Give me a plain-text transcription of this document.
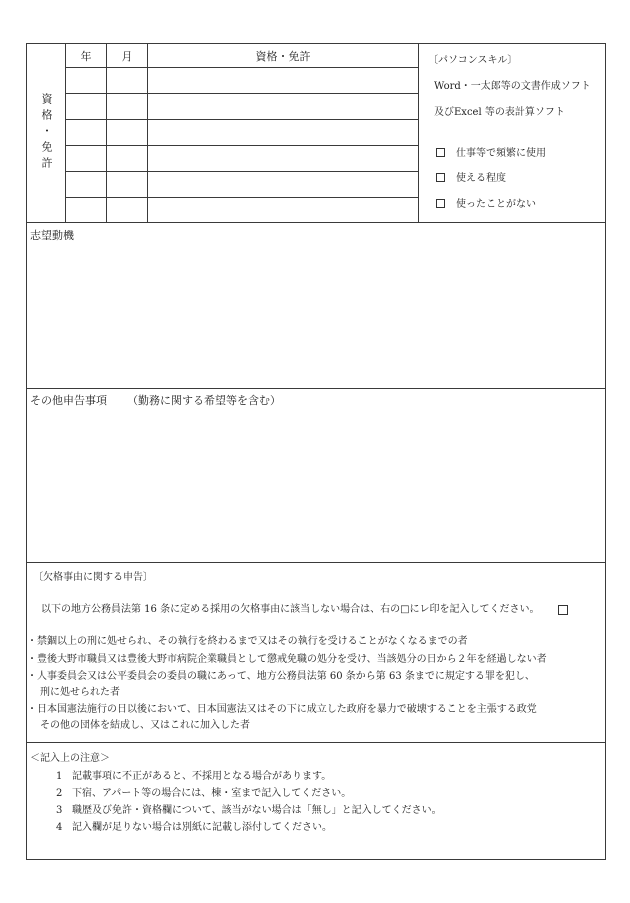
資格・免許
年	月	資格・免許	〔パソコンスキル〕
Word・一太郎等の文書作成ソフト
及びExcel 等の表計算ソフト
仕事等で頻繁に使用
使える程度
使ったことがない
志望動機
その他申告事項 （勤務に関する希望等を含む）
〔欠格事由に関する申告〕
以下の地方公務員法第 16 条に定める採用の欠格事由に該当しない場合は、右の□にレ印を記入してください。
・禁錮以上の刑に処せられ、その執行を終わるまで又はその執行を受けることがなくなるまでの者
・豊後大野市職員又は豊後大野市病院企業職員として懲戒免職の処分を受け、当該処分の日から２年を経過しない者
・人事委員会又は公平委員会の委員の職にあって、地方公務員法第 60 条から第 63 条までに規定する罪を犯し、
刑に処せられた者
・日本国憲法施行の日以後において、日本国憲法又はその下に成立した政府を暴力で破壊することを主張する政党
その他の団体を結成し、又はこれに加入した者
＜記入上の注意＞
1 記載事項に不正があると、不採用となる場合があります。
2 下宿、アパート等の場合には、棟・室まで記入してください。
3 職歴及び免許・資格欄について、該当がない場合は「無し」と記入してください。
4 記入欄が足りない場合は別紙に記載し添付してください。
